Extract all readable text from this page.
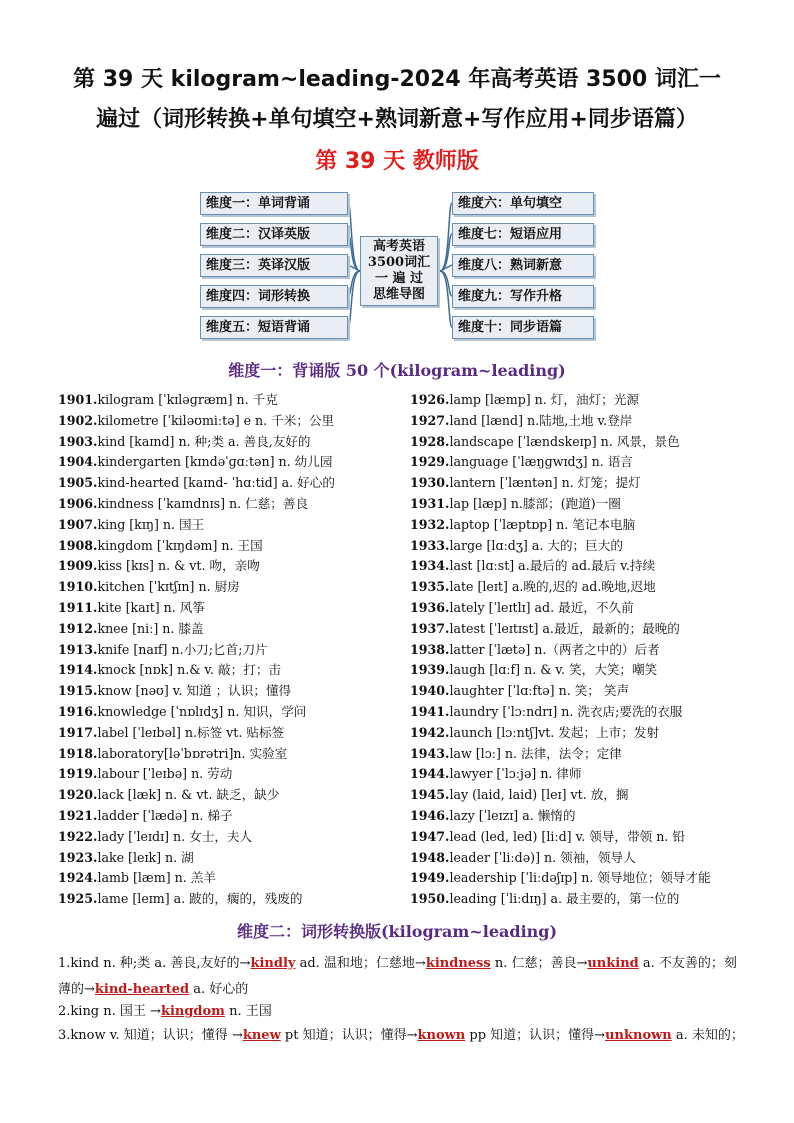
第 39 天 kilogram~leading-2024 年高考英语 3500 词汇一
遍过（词形转换+单句填空+熟词新意+写作应用+同步语篇）
第 39 天 教师版
维度一：单词背诵
维度二：汉译英版
维度三：英译汉版
维度四：词形转换
维度五：短语背诵
高考英语
3500词汇
一 遍 过
思维导图
维度六：单句填空
维度七：短语应用
维度八：熟词新意
维度九：写作升格
维度十：同步语篇
维度一：背诵版 50 个(kilogram~leading)
1901.kilogram [ˈkɪləɡræm] n. 千克
1902.kilometre [ˈkiləʊmiːtə] e n. 千米；公里
1903.kind [kaɪnd] n. 种;类 a. 善良,友好的
1904.kindergarten [kɪndəˈɡɑːtən] n. 幼儿园
1905.kind-hearted [kaɪnd- ˈhɑːtid] a. 好心的
1906.kindness [ˈkaɪndnɪs] n. 仁慈；善良
1907.king [kɪŋ] n. 国王
1908.kingdom [ˈkɪŋdəm] n. 王国
1909.kiss [kɪs] n. & vt. 吻，亲吻
1910.kitchen [ˈkɪtʃɪn] n. 厨房
1911.kite [kaɪt] n. 风筝
1912.knee [niː] n. 膝盖
1913.knife [naɪf] n.小刀;匕首;刀片
1914.knock [nɒk] n.& v. 敲；打；击
1915.know [nəʊ] v. 知道 ；认识；懂得
1916.knowledge [ˈnɒlɪdʒ] n. 知识，学问
1917.label [ˈleɪbəl] n.标签 vt. 贴标签
1918.laboratory[ləˈbɒrətri]n. 实验室
1919.labour [ˈleɪbə] n. 劳动
1920.lack [læk] n. & vt. 缺乏，缺少
1921.ladder [ˈlædə] n. 梯子
1922.lady [ˈleɪdɪ] n. 女士，夫人
1923.lake [leɪk] n. 湖
1924.lamb [læm] n. 羔羊
1925.lame [leɪm] a. 跛的，瘸的，残废的
1926.lamp [læmp] n. 灯，油灯；光源
1927.land [lænd] n.陆地,土地 v.登岸
1928.landscape [ˈlændskeɪp] n. 风景，景色
1929.language [ˈlæŋɡwɪdʒ] n. 语言
1930.lantern [ˈlæntən] n. 灯笼；提灯
1931.lap [læp] n.膝部；(跑道)一圈
1932.laptop [ˈlæptɒp] n. 笔记本电脑
1933.large [lɑːdʒ] a. 大的；巨大的
1934.last [lɑːst] a.最后的 ad.最后 v.持续
1935.late [leɪt] a.晚的,迟的 ad.晚地,迟地
1936.lately [ˈleɪtlɪ] ad. 最近，不久前
1937.latest [ˈleɪtɪst] a.最近，最新的；最晚的
1938.latter [ˈlætə] n.（两者之中的）后者
1939.laugh [lɑːf] n. & v. 笑，大笑；嘲笑
1940.laughter [ˈlɑːftə] n. 笑； 笑声
1941.laundry [ˈlɔːndrɪ] n. 洗衣店;要洗的衣服
1942.launch [lɔːntʃ]vt. 发起；上市；发射
1943.law [lɔː] n. 法律，法令；定律
1944.lawyer [ˈlɔːjə] n. 律师
1945.lay (laid, laid) [leɪ] vt. 放，搁
1946.lazy [ˈleɪzɪ] a. 懒惰的
1947.lead (led, led) [liːd] v. 领导，带领 n. 铅
1948.leader [ˈliːdə)] n. 领袖，领导人
1949.leadership [ˈliːdəʃɪp] n. 领导地位；领导才能
1950.leading [ˈliːdɪŋ] a. 最主要的，第一位的
维度二：词形转换版(kilogram~leading)
1.kind n. 种;类 a. 善良,友好的→kindly ad. 温和地；仁慈地→kindness n. 仁慈；善良→unkind a. 不友善的；刻
薄的→kind-hearted a. 好心的
2.king n. 国王 →kingdom n. 王国
3.know v. 知道；认识；懂得 →knew pt 知道；认识；懂得→known pp 知道；认识；懂得→unknown a. 未知的；
